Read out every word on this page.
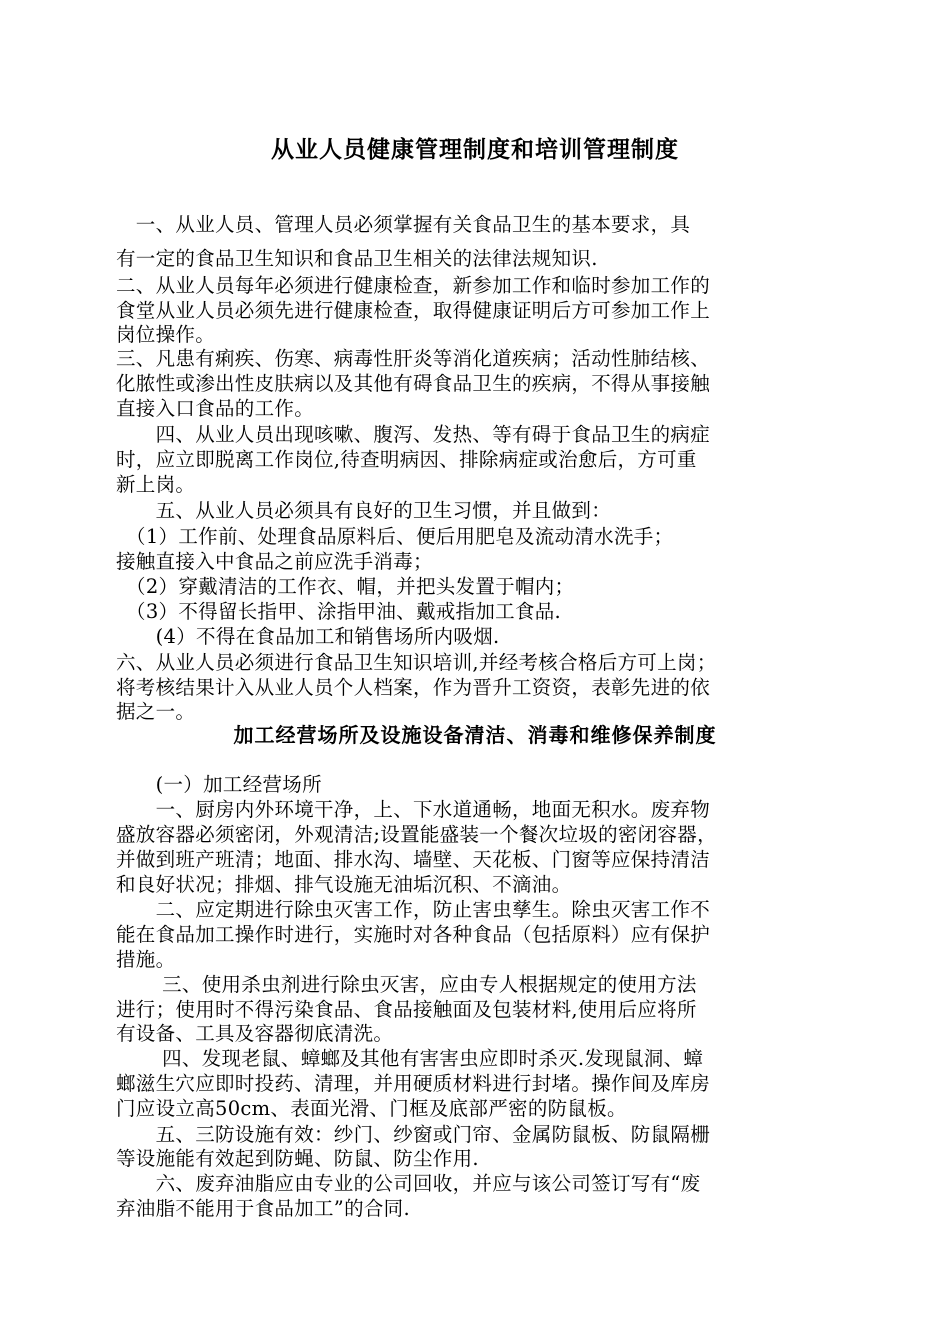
从业人员健康管理制度和培训管理制度
　一、从业人员、管理人员必须掌握有关食品卫生的基本要求，具
有一定的食品卫生知识和食品卫生相关的法律法规知识.
二、从业人员每年必须进行健康检查，新参加工作和临时参加工作的
食堂从业人员必须先进行健康检查，取得健康证明后方可参加工作上
岗位操作。
三、凡患有痢疾、伤寒、病毒性肝炎等消化道疾病；活动性肺结核、
化脓性或渗出性皮肤病以及其他有碍食品卫生的疾病，不得从事接触
直接入口食品的工作。
　　四、从业人员出现咳嗽、腹泻、发热、等有碍于食品卫生的病症
时，应立即脱离工作岗位,待查明病因、排除病症或治愈后，方可重
新上岗。
　　五、从业人员必须具有良好的卫生习惯，并且做到：
　（1）工作前、处理食品原料后、便后用肥皂及流动清水洗手；
接触直接入中食品之前应洗手消毒；
　（2）穿戴清洁的工作衣、帽，并把头发置于帽内；
　（3）不得留长指甲、涂指甲油、戴戒指加工食品.
　　(4）不得在食品加工和销售场所内吸烟.
六、从业人员必须进行食品卫生知识培训,并经考核合格后方可上岗；
将考核结果计入从业人员个人档案，作为晋升工资资，表彰先进的依
据之一。
加工经营场所及设施设备清洁、消毒和维修保养制度
　　(一）加工经营场所
　　一、厨房内外环境干净，上、下水道通畅，地面无积水。废弃物
盛放容器必须密闭，外观清洁;设置能盛装一个餐次垃圾的密闭容器，
并做到班产班清；地面、排水沟、墙壁、天花板、门窗等应保持清洁
和良好状况；排烟、排气设施无油垢沉积、不滴油。
　　二、应定期进行除虫灭害工作，防止害虫孳生。除虫灭害工作不
能在食品加工操作时进行，实施时对各种食品（包括原料）应有保护
措施。
　　 三、使用杀虫剂进行除虫灭害，应由专人根据规定的使用方法
进行；使用时不得污染食品、食品接触面及包装材料,使用后应将所
有设备、工具及容器彻底清洗。
　　 四、发现老鼠、蟑螂及其他有害害虫应即时杀灭.发现鼠洞、蟑
螂滋生穴应即时投药、清理，并用硬质材料进行封堵。操作间及库房
门应设立高50cm、表面光滑、门框及底部严密的防鼠板。
　　五、三防设施有效：纱门、纱窗或门帘、金属防鼠板、防鼠隔栅
等设施能有效起到防蝇、防鼠、防尘作用.
　　六、废弃油脂应由专业的公司回收，并应与该公司签订写有“废
弃油脂不能用于食品加工”的合同.
